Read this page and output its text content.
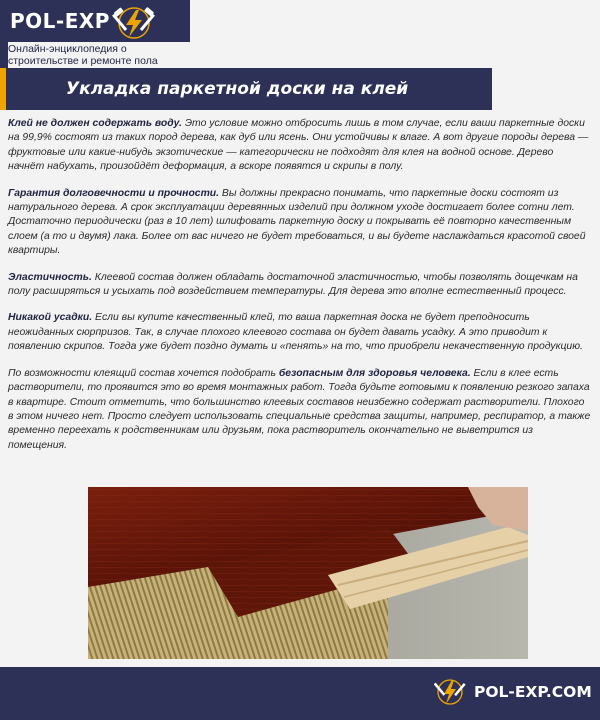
POL-EXP
Онлайн-энциклопедия о
строительстве и ремонте пола
Укладка паркетной доски на клей

Клей не должен содержать воду. Это условие можно отбросить лишь в том случае, если ваши паркетные доски на 99,9% состоят из таких пород дерева, как дуб или ясень. Они устойчивы к влаге. А вот другие породы дерева — фруктовые или какие-нибудь экзотические — категорически не подходят для клея на водной основе. Дерево начнёт набухать, произойдёт деформация, а вскоре появятся и скрипы в полу.

Гарантия долговечности и прочности. Вы должны прекрасно понимать, что паркетные доски состоят из натурального дерева. А срок эксплуатации деревянных изделий при должном уходе достигает более сотни лет. Достаточно периодически (раз в 10 лет) шлифовать паркетную доску и покрывать её повторно качественным слоем (а то и двумя) лака. Более от вас ничего не будет требоваться, и вы будете наслаждаться красотой своей квартиры.

Эластичность. Клеевой состав должен обладать достаточной эластичностью, чтобы позволять дощечкам на полу расширяться и усыхать под воздействием температуры. Для дерева это вполне естественный процесс.

Никакой усадки. Если вы купите качественный клей, то ваша паркетная доска не будет преподносить неожиданных сюрпризов. Так, в случае плохого клеевого состава он будет давать усадку. А это приводит к появлению скрипов. Тогда уже будет поздно думать и «пенять» на то, что приобрели некачественную продукцию.

По возможности клеящий состав хочется подобрать безопасным для здоровья человека. Если в клее есть растворители, то проявится это во время монтажных работ. Тогда будьте готовыми к появлению резкого запаха в квартире. Стоит отметить, что большинство клеевых составов неизбежно содержат растворители. Плохого в этом ничего нет. Просто следует использовать специальные средства защиты, например, респиратор, а также временно переехать к родственникам или друзьям, пока растворитель окончательно не выветрится из помещения.

POL-EXP.COM
